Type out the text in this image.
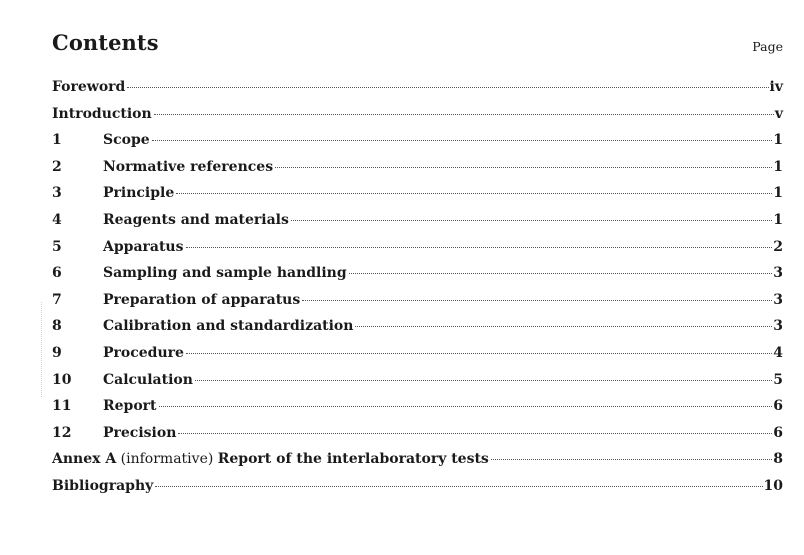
Contents	Page
Foreword	iv
Introduction	v
1	Scope	1
2	Normative references	1
3	Principle	1
4	Reagents and materials	1
5	Apparatus	2
6	Sampling and sample handling	3
7	Preparation of apparatus	3
8	Calibration and standardization	3
9	Procedure	4
10	Calculation	5
11	Report	6
12	Precision	6
Annex A (informative) Report of the interlaboratory tests	8
Bibliography	10
